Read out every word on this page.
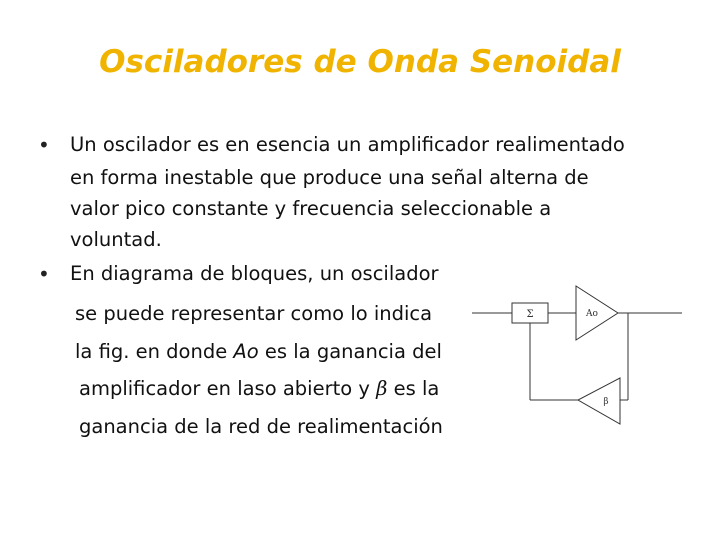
Osciladores de Onda Senoidal
• Un oscilador es en esencia un amplificador realimentado
en forma inestable que produce una señal alterna de
valor pico constante y frecuencia seleccionable a
voluntad.
• En diagrama de bloques, un oscilador
se puede representar como lo indica
la fig. en donde Ao es la ganancia del
amplificador en laso abierto y β es la
ganancia de la red de realimentación
Σ	Ao
β
